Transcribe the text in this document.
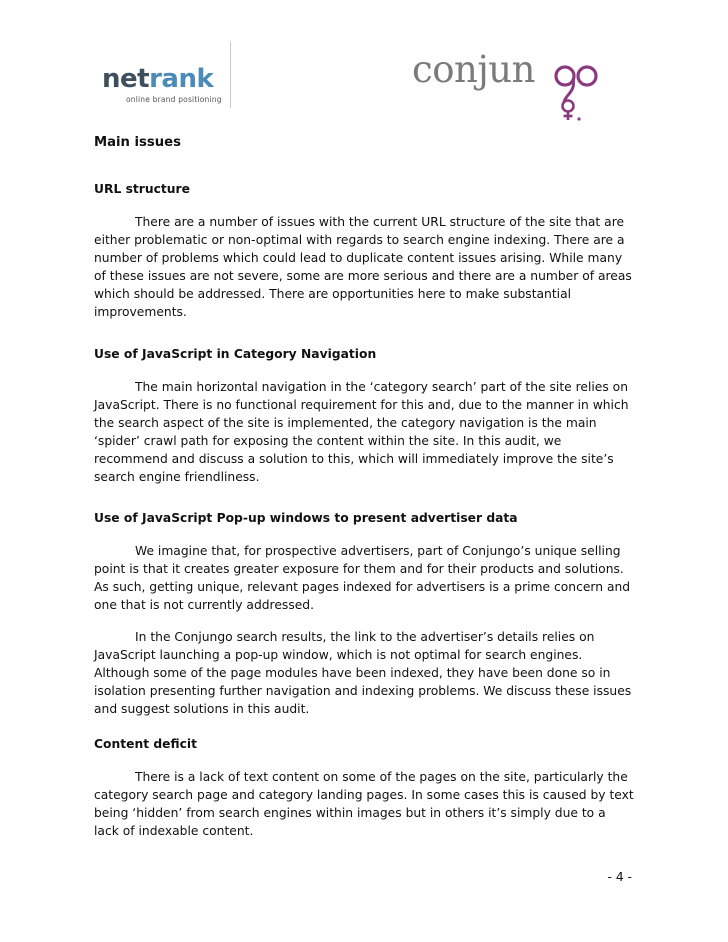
netrank
online brand positioning
conjun
Main issues
URL structure

There are a number of issues with the current URL structure of the site that are either problematic or non-optimal with regards to search engine indexing. There are a number of problems which could lead to duplicate content issues arising. While many of these issues are not severe, some are more serious and there are a number of areas which should be addressed. There are opportunities here to make substantial improvements.

Use of JavaScript in Category Navigation

The main horizontal navigation in the ‘category search’ part of the site relies on JavaScript. There is no functional requirement for this and, due to the manner in which the search aspect of the site is implemented, the category navigation is the main ‘spider’ crawl path for exposing the content within the site. In this audit, we recommend and discuss a solution to this, which will immediately improve the site’s search engine friendliness.

Use of JavaScript Pop-up windows to present advertiser data

We imagine that, for prospective advertisers, part of Conjungo’s unique selling point is that it creates greater exposure for them and for their products and solutions. As such, getting unique, relevant pages indexed for advertisers is a prime concern and one that is not currently addressed.

In the Conjungo search results, the link to the advertiser’s details relies on JavaScript launching a pop-up window, which is not optimal for search engines. Although some of the page modules have been indexed, they have been done so in isolation presenting further navigation and indexing problems. We discuss these issues and suggest solutions in this audit.

Content deficit

There is a lack of text content on some of the pages on the site, particularly the category search page and category landing pages. In some cases this is caused by text being ‘hidden’ from search engines within images but in others it’s simply due to a lack of indexable content.

- 4 -
